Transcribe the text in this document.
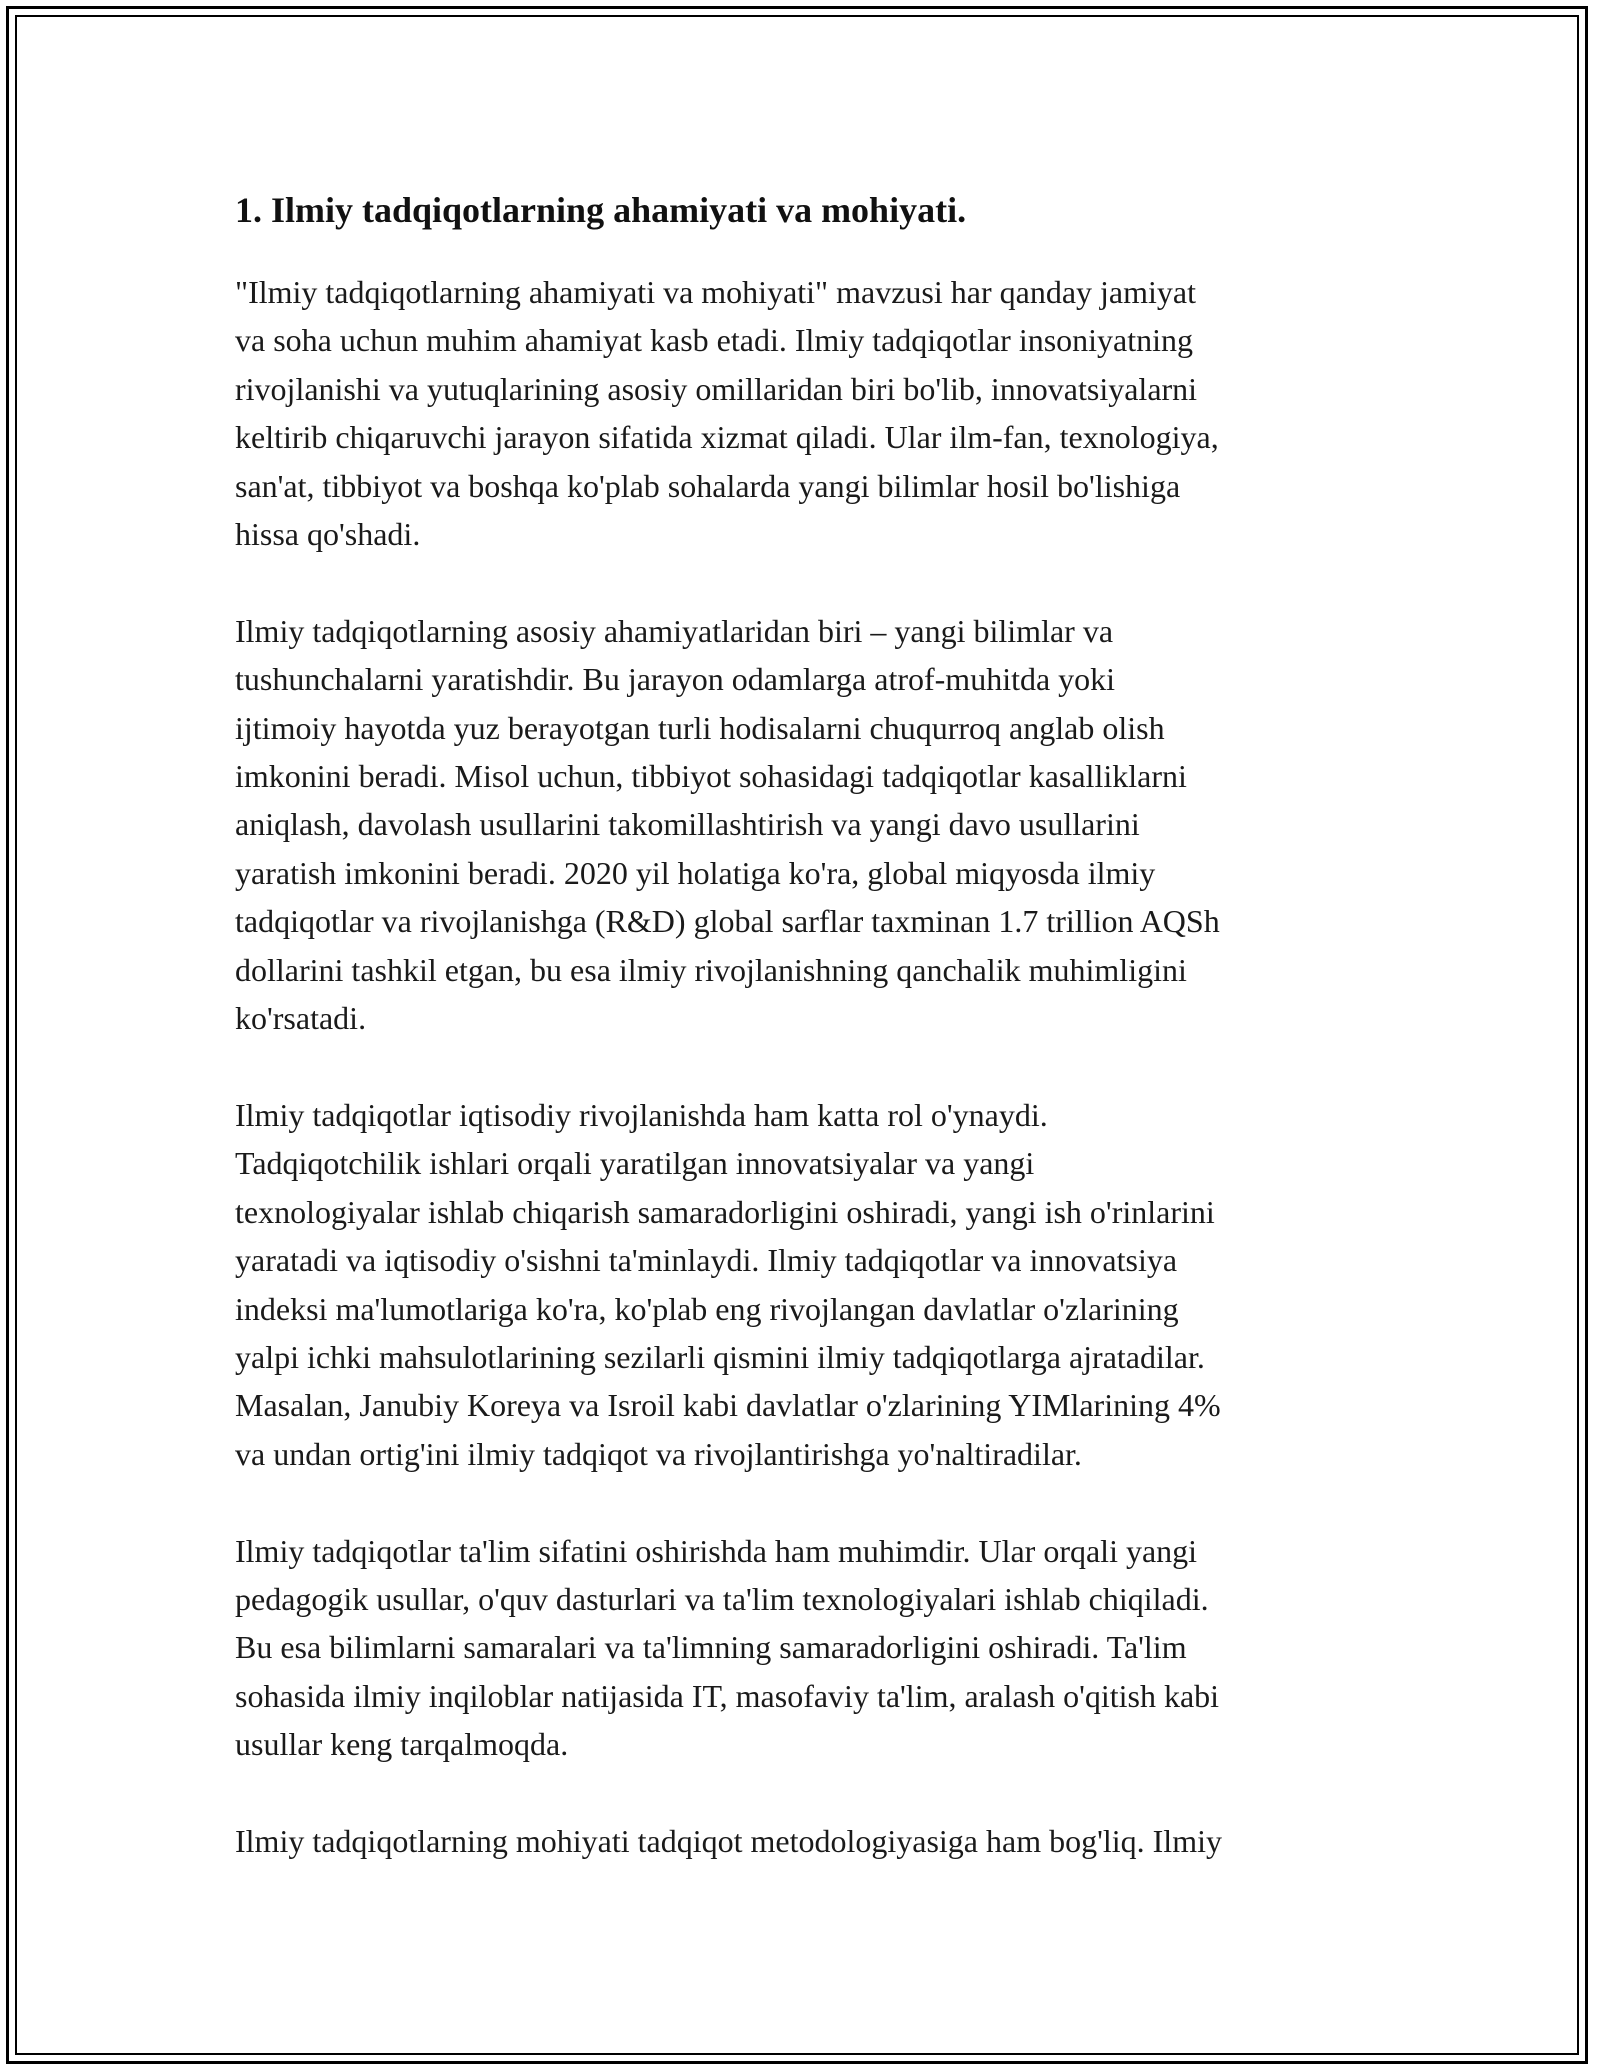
1. Ilmiy tadqiqotlarning ahamiyati va mohiyati.

"Ilmiy tadqiqotlarning ahamiyati va mohiyati" mavzusi har qanday jamiyat
va soha uchun muhim ahamiyat kasb etadi. Ilmiy tadqiqotlar insoniyatning
rivojlanishi va yutuqlarining asosiy omillaridan biri bo'lib, innovatsiyalarni
keltirib chiqaruvchi jarayon sifatida xizmat qiladi. Ular ilm-fan, texnologiya,
san'at, tibbiyot va boshqa ko'plab sohalarda yangi bilimlar hosil bo'lishiga
hissa qo'shadi.

Ilmiy tadqiqotlarning asosiy ahamiyatlaridan biri – yangi bilimlar va
tushunchalarni yaratishdir. Bu jarayon odamlarga atrof-muhitda yoki
ijtimoiy hayotda yuz berayotgan turli hodisalarni chuqurroq anglab olish
imkonini beradi. Misol uchun, tibbiyot sohasidagi tadqiqotlar kasalliklarni
aniqlash, davolash usullarini takomillashtirish va yangi davo usullarini
yaratish imkonini beradi. 2020 yil holatiga ko'ra, global miqyosda ilmiy
tadqiqotlar va rivojlanishga (R&D) global sarflar taxminan 1.7 trillion AQSh
dollarini tashkil etgan, bu esa ilmiy rivojlanishning qanchalik muhimligini
ko'rsatadi.

Ilmiy tadqiqotlar iqtisodiy rivojlanishda ham katta rol o'ynaydi.
Tadqiqotchilik ishlari orqali yaratilgan innovatsiyalar va yangi
texnologiyalar ishlab chiqarish samaradorligini oshiradi, yangi ish o'rinlarini
yaratadi va iqtisodiy o'sishni ta'minlaydi. Ilmiy tadqiqotlar va innovatsiya
indeksi ma'lumotlariga ko'ra, ko'plab eng rivojlangan davlatlar o'zlarining
yalpi ichki mahsulotlarining sezilarli qismini ilmiy tadqiqotlarga ajratadilar.
Masalan, Janubiy Koreya va Isroil kabi davlatlar o'zlarining YIMlarining 4%
va undan ortig'ini ilmiy tadqiqot va rivojlantirishga yo'naltiradilar.

Ilmiy tadqiqotlar ta'lim sifatini oshirishda ham muhimdir. Ular orqali yangi
pedagogik usullar, o'quv dasturlari va ta'lim texnologiyalari ishlab chiqiladi.
Bu esa bilimlarni samaralari va ta'limning samaradorligini oshiradi. Ta'lim
sohasida ilmiy inqiloblar natijasida IT, masofaviy ta'lim, aralash o'qitish kabi
usullar keng tarqalmoqda.

Ilmiy tadqiqotlarning mohiyati tadqiqot metodologiyasiga ham bog'liq. Ilmiy
